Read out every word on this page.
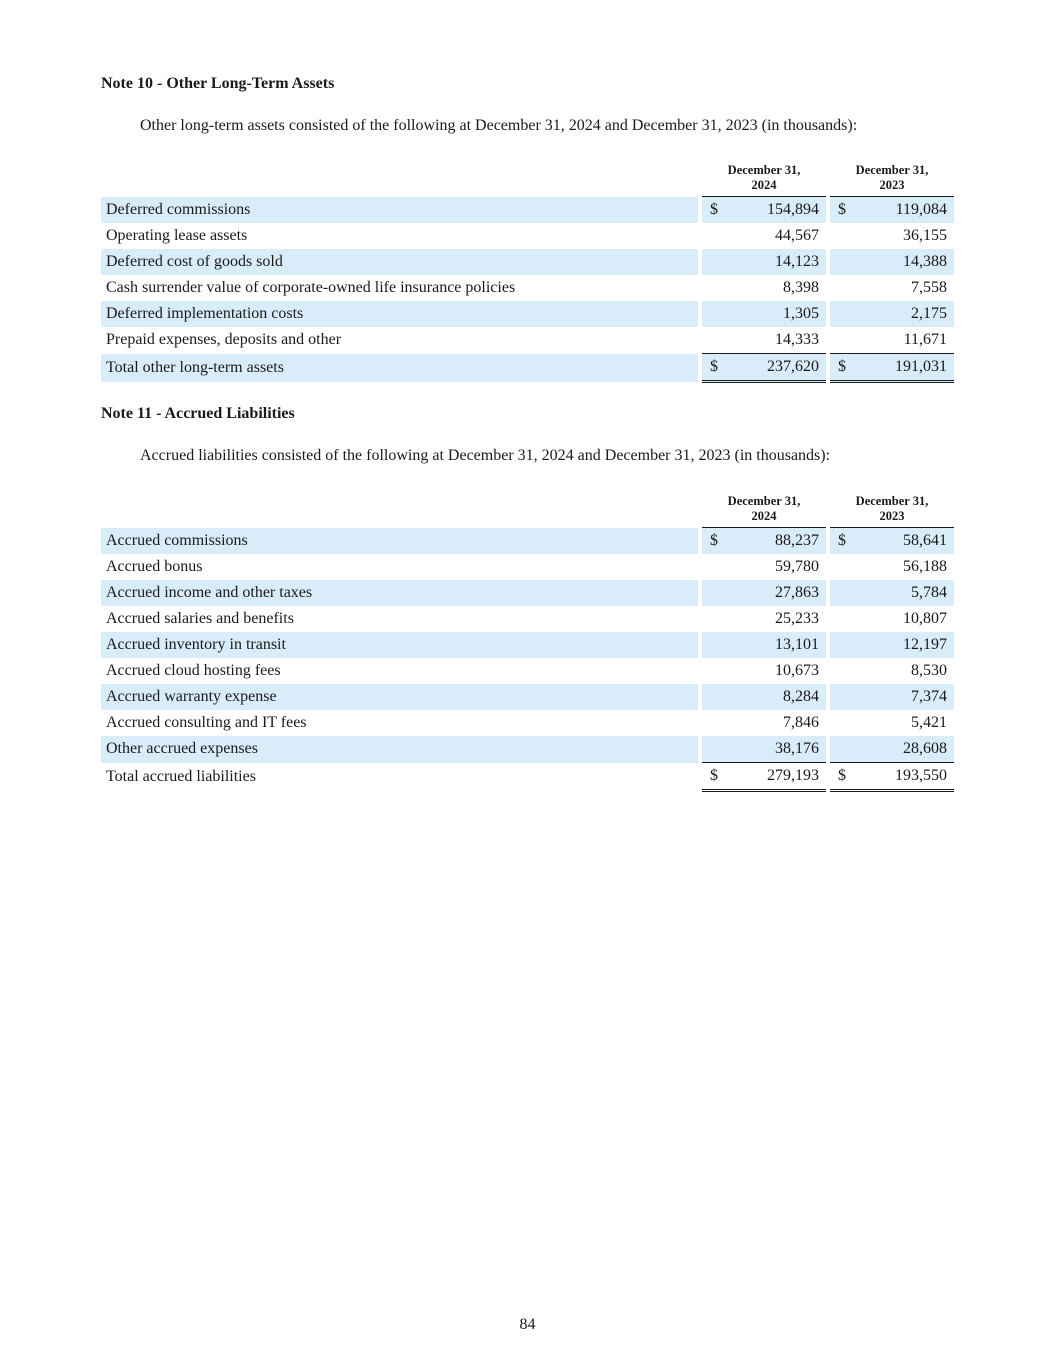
Note 10 - Other Long-Term Assets
Other long-term assets consisted of the following at December 31, 2024 and December 31, 2023 (in thousands):
		December 31,
2024			December 31,
2023	
Deferred commissions		$	154,894		$	119,084
Operating lease assets			44,567			36,155
Deferred cost of goods sold			14,123			14,388
Cash surrender value of corporate-owned life insurance policies			8,398			7,558
Deferred implementation costs			1,305			2,175
Prepaid expenses, deposits and other			14,333			11,671
Total other long-term assets		$	237,620		$	191,031
Note 11 - Accrued Liabilities
Accrued liabilities consisted of the following at December 31, 2024 and December 31, 2023 (in thousands):
		December 31,
2024			December 31,
2023	
Accrued commissions		$	88,237		$	58,641
Accrued bonus			59,780			56,188
Accrued income and other taxes			27,863			5,784
Accrued salaries and benefits			25,233			10,807
Accrued inventory in transit			13,101			12,197
Accrued cloud hosting fees			10,673			8,530
Accrued warranty expense			8,284			7,374
Accrued consulting and IT fees			7,846			5,421
Other accrued expenses			38,176			28,608
Total accrued liabilities		$	279,193		$	193,550
84
